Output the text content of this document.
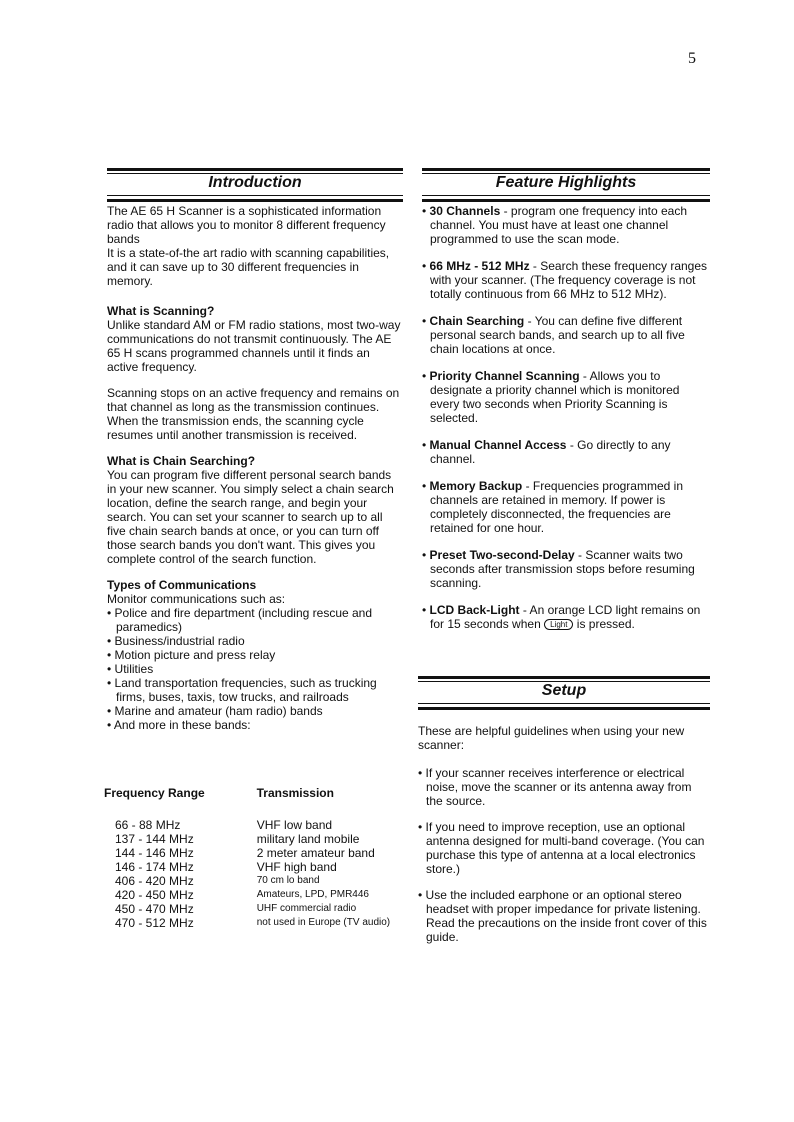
5
Introduction

The AE 65 H Scanner is a sophisticated information radio that allows you to monitor 8 different frequency bands

It is a state-of-the art radio with scanning capabilities, and it can save up to 30 different frequencies in memory.

What is Scanning?

Unlike standard AM or FM radio stations, most two-way communications do not transmit continuously. The AE 65 H scans programmed channels until it finds an active frequency.

Scanning stops on an active frequency and remains on that channel as long as the transmission continues. When the transmission ends, the scanning cycle resumes until another transmission is received.

What is Chain Searching?

You can program five different personal search bands in your new scanner. You simply select a chain search location, define the search range, and begin your search. You can set your scanner to search up to all five chain search bands at once, or you can turn off those search bands you don't want. This gives you complete control of the search function.

Types of Communications

Monitor communications such as:

• Police and fire department (including rescue and paramedics)
• Business/industrial radio
• Motion picture and press relay
• Utilities
• Land transportation frequencies, such as trucking firms, buses, taxis, tow trucks, and railroads
• Marine and amateur (ham radio) bands
• And more in these bands:
Frequency Range	Transmission
66 - 88 MHz	VHF low band
137 - 144 MHz	military land mobile
144 - 146 MHz	2 meter amateur band
146 - 174 MHz	VHF high band
406 - 420 MHz	70 cm lo band
420 - 450 MHz	Amateurs, LPD, PMR446
450 - 470 MHz	UHF commercial radio
470 - 512 MHz	not used in Europe (TV audio)
Feature Highlights
• 30 Channels - program one frequency into each channel. You must have at least one channel programmed to use the scan mode.
• 66 MHz - 512 MHz - Search these frequency ranges with your scanner. (The frequency coverage is not totally continuous from 66 MHz to 512 MHz).
• Chain Searching - You can define five different personal search bands, and search up to all five chain locations at once.
• Priority Channel Scanning - Allows you to designate a priority channel which is monitored every two seconds when Priority Scanning is selected.
• Manual Channel Access - Go directly to any channel.
• Memory Backup - Frequencies programmed in channels are retained in memory. If power is completely disconnected, the frequencies are retained for one hour.
• Preset Two-second-Delay - Scanner waits two seconds after transmission stops before resuming scanning.
• LCD Back-Light - An orange LCD light remains on for 15 seconds when Light is pressed.
Setup

These are helpful guidelines when using your new scanner:

• If your scanner receives interference or electrical noise, move the scanner or its antenna away from the source.
• If you need to improve reception, use an optional antenna designed for multi-band coverage. (You can purchase this type of antenna at a local electronics store.)
• Use the included earphone or an optional stereo headset with proper impedance for private listening. Read the precautions on the inside front cover of this guide.
